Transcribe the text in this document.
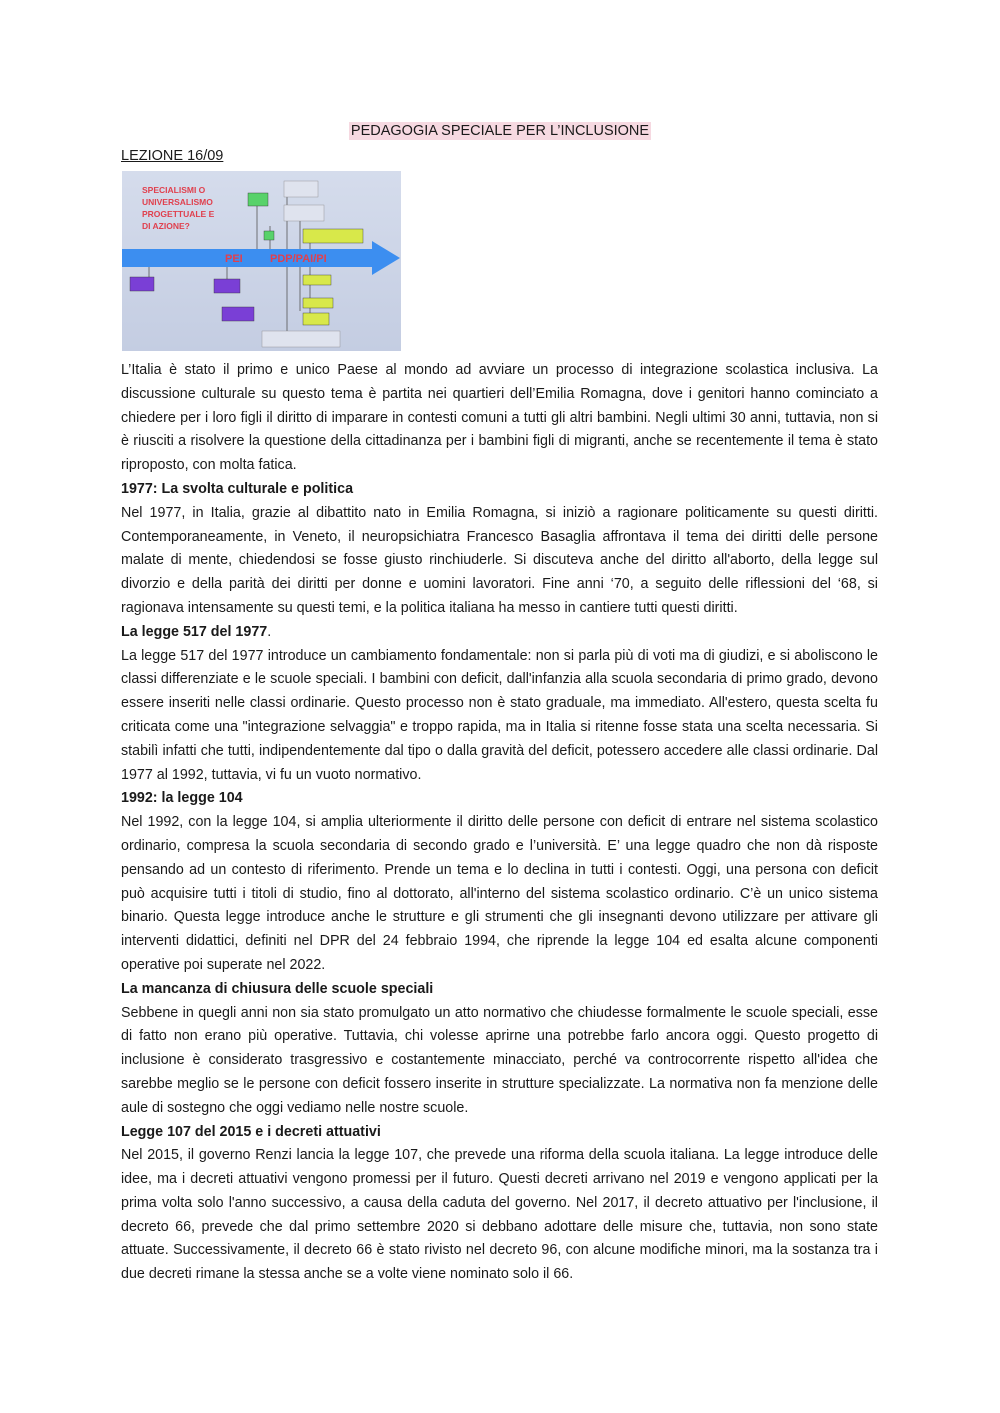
PEDAGOGIA SPECIALE PER L’INCLUSIONE
LEZIONE 16/09
SPECIALISMI O
UNIVERSALISMO
PROGETTUALE E
DI AZIONE?
PEI PDP/PAI/PI

L’Italia è stato il primo e unico Paese al mondo ad avviare un processo di integrazione scolastica inclusiva. La discussione culturale su questo tema è partita nei quartieri dell’Emilia Romagna, dove i genitori hanno cominciato a chiedere per i loro figli il diritto di imparare in contesti comuni a tutti gli altri bambini. Negli ultimi 30 anni, tuttavia, non si è riusciti a risolvere la questione della cittadinanza per i bambini figli di migranti, anche se recentemente il tema è stato riproposto, con molta fatica.

1977: La svolta culturale e politica

Nel 1977, in Italia, grazie al dibattito nato in Emilia Romagna, si iniziò a ragionare politicamente su questi diritti. Contemporaneamente, in Veneto, il neuropsichiatra Francesco Basaglia affrontava il tema dei diritti delle persone malate di mente, chiedendosi se fosse giusto rinchiuderle. Si discuteva anche del diritto all'aborto, della legge sul divorzio e della parità dei diritti per donne e uomini lavoratori. Fine anni ‘70, a seguito delle riflessioni del ‘68, si ragionava intensamente su questi temi, e la politica italiana ha messo in cantiere tutti questi diritti.

La legge 517 del 1977.

La legge 517 del 1977 introduce un cambiamento fondamentale: non si parla più di voti ma di giudizi, e si aboliscono le classi differenziate e le scuole speciali. I bambini con deficit, dall'infanzia alla scuola secondaria di primo grado, devono essere inseriti nelle classi ordinarie. Questo processo non è stato graduale, ma immediato. All'estero, questa scelta fu criticata come una "integrazione selvaggia" e troppo rapida, ma in Italia si ritenne fosse stata una scelta necessaria. Si stabilì infatti che tutti, indipendentemente dal tipo o dalla gravità del deficit, potessero accedere alle classi ordinarie. Dal 1977 al 1992, tuttavia, vi fu un vuoto normativo.

1992: la legge 104

Nel 1992, con la legge 104, si amplia ulteriormente il diritto delle persone con deficit di entrare nel sistema scolastico ordinario, compresa la scuola secondaria di secondo grado e l’università. E’ una legge quadro che non dà risposte pensando ad un contesto di riferimento. Prende un tema e lo declina in tutti i contesti. Oggi, una persona con deficit può acquisire tutti i titoli di studio, fino al dottorato, all'interno del sistema scolastico ordinario. C’è un unico sistema binario. Questa legge introduce anche le strutture e gli strumenti che gli insegnanti devono utilizzare per attivare gli interventi didattici, definiti nel DPR del 24 febbraio 1994, che riprende la legge 104 ed esalta alcune componenti operative poi superate nel 2022.

La mancanza di chiusura delle scuole speciali

Sebbene in quegli anni non sia stato promulgato un atto normativo che chiudesse formalmente le scuole speciali, esse di fatto non erano più operative. Tuttavia, chi volesse aprirne una potrebbe farlo ancora oggi. Questo progetto di inclusione è considerato trasgressivo e costantemente minacciato, perché va controcorrente rispetto all'idea che sarebbe meglio se le persone con deficit fossero inserite in strutture specializzate. La normativa non fa menzione delle aule di sostegno che oggi vediamo nelle nostre scuole.

Legge 107 del 2015 e i decreti attuativi

Nel 2015, il governo Renzi lancia la legge 107, che prevede una riforma della scuola italiana. La legge introduce delle idee, ma i decreti attuativi vengono promessi per il futuro. Questi decreti arrivano nel 2019 e vengono applicati per la prima volta solo l'anno successivo, a causa della caduta del governo. Nel 2017, il decreto attuativo per l'inclusione, il decreto 66, prevede che dal primo settembre 2020 si debbano adottare delle misure che, tuttavia, non sono state attuate. Successivamente, il decreto 66 è stato rivisto nel decreto 96, con alcune modifiche minori, ma la sostanza tra i due decreti rimane la stessa anche se a volte viene nominato solo il 66.
